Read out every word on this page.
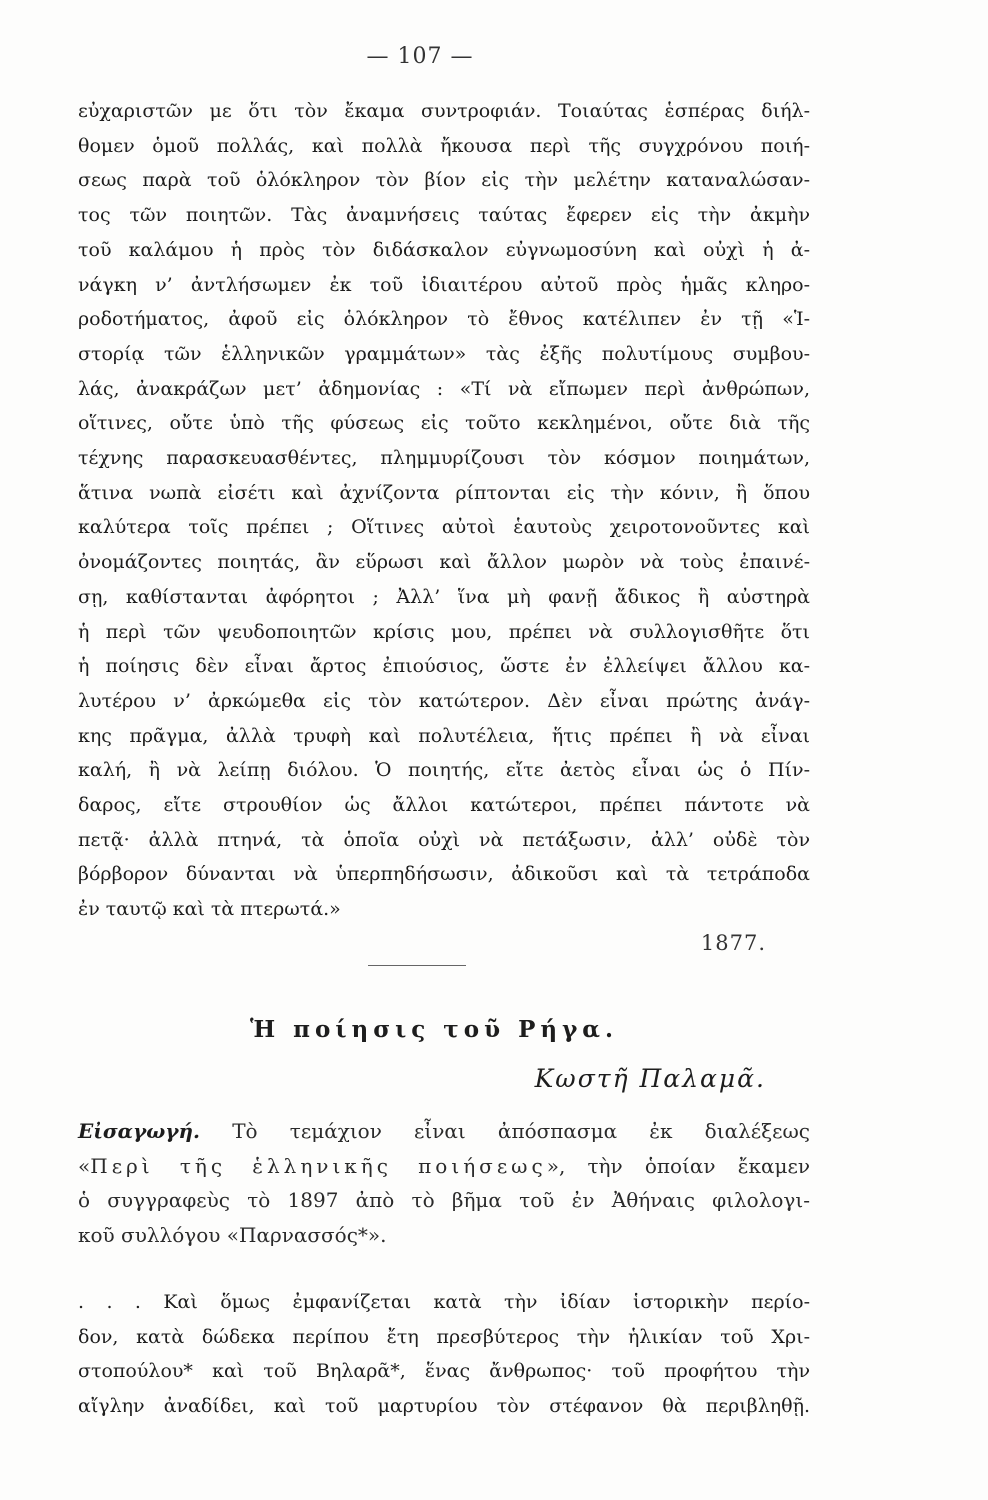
— 107 —
εὐχαριστῶν με ὅτι τὸν ἔκαμα συντροφιάν. Τοιαύτας ἑσπέρας διήλ-
θομεν ὁμοῦ πολλάς, καὶ πολλὰ ἤκουσα περὶ τῆς συγχρόνου ποιή-
σεως παρὰ τοῦ ὁλόκληρον τὸν βίον εἰς τὴν μελέτην καταναλώσαν-
τος τῶν ποιητῶν. Τὰς ἀναμνήσεις ταύτας ἔφερεν εἰς τὴν ἀκμὴν
τοῦ καλάμου ἡ πρὸς τὸν διδάσκαλον εὐγνωμοσύνη καὶ οὐχὶ ἡ ἀ-
νάγκη ν’ ἀντλήσωμεν ἐκ τοῦ ἰδιαιτέρου αὐτοῦ πρὸς ἡμᾶς κληρο-
ροδοτήματος, ἀφοῦ εἰς ὁλόκληρον τὸ ἔθνος κατέλιπεν ἐν τῇ «Ἱ-
στορίᾳ τῶν ἑλληνικῶν γραμμάτων» τὰς ἐξῆς πολυτίμους συμβου-
λάς, ἀνακράζων μετ’ ἀδημονίας : «Τί νὰ εἴπωμεν περὶ ἀνθρώπων,
οἵτινες, οὔτε ὑπὸ τῆς φύσεως εἰς τοῦτο κεκλημένοι, οὔτε διὰ τῆς
τέχνης παρασκευασθέντες, πλημμυρίζουσι τὸν κόσμον ποιημάτων,
ἅτινα νωπὰ εἰσέτι καὶ ἀχνίζοντα ρίπτονται εἰς τὴν κόνιν, ἢ ὅπου
καλύτερα τοῖς πρέπει ; Οἵτινες αὐτοὶ ἑαυτοὺς χειροτονοῦντες καὶ
ὀνομάζοντες ποιητάς, ἂν εὕρωσι καὶ ἄλλον μωρὸν νὰ τοὺς ἐπαινέ-
σῃ, καθίστανται ἀφόρητοι ; Ἀλλ’ ἵνα μὴ φανῇ ἄδικος ἢ αὐστηρὰ
ἡ περὶ τῶν ψευδοποιητῶν κρίσις μου, πρέπει νὰ συλλογισθῆτε ὅτι
ἡ ποίησις δὲν εἶναι ἄρτος ἐπιούσιος, ὥστε ἐν ἐλλείψει ἄλλου κα-
λυτέρου ν’ ἀρκώμεθα εἰς τὸν κατώτερον. Δὲν εἶναι πρώτης ἀνάγ-
κης πρᾶγμα, ἀλλὰ τρυφὴ καὶ πολυτέλεια, ἥτις πρέπει ἢ νὰ εἶναι
καλή, ἢ νὰ λείπῃ διόλου. Ὁ ποιητής, εἴτε ἀετὸς εἶναι ὡς ὁ Πίν-
δαρος, εἴτε στρουθίον ὡς ἄλλοι κατώτεροι, πρέπει πάντοτε νὰ
πετᾷ· ἀλλὰ πτηνά, τὰ ὁποῖα οὐχὶ νὰ πετάξωσιν, ἀλλ’ οὐδὲ τὸν
βόρβορον δύνανται νὰ ὑπερπηδήσωσιν, ἀδικοῦσι καὶ τὰ τετράποδα
ἐν ταυτῷ καὶ τὰ πτερωτά.»
1877.
Ἡ ποίησις τοῦ Ρήγα.
Κωστῆ Παλαμᾶ.
Εἰσαγωγή. Τὸ τεμάχιον εἶναι ἀπόσπασμα ἐκ διαλέξεως
«Περὶ τῆς ἑλληνικῆς ποιήσεως», τὴν ὁποίαν ἔκαμεν
ὁ συγγραφεὺς τὸ 1897 ἀπὸ τὸ βῆμα τοῦ ἐν Ἀθήναις φιλολογι-
κοῦ συλλόγου «Παρνασσός*».
. . . Καὶ ὅμως ἐμφανίζεται κατὰ τὴν ἰδίαν ἱστορικὴν περίο-
δον, κατὰ δώδεκα περίπου ἔτη πρεσβύτερος τὴν ἡλικίαν τοῦ Χρι-
στοπούλου* καὶ τοῦ Βηλαρᾶ*, ἕνας ἄνθρωπος· τοῦ προφήτου τὴν
αἴγλην ἀναδίδει, καὶ τοῦ μαρτυρίου τὸν στέφανον θὰ περιβληθῇ.
